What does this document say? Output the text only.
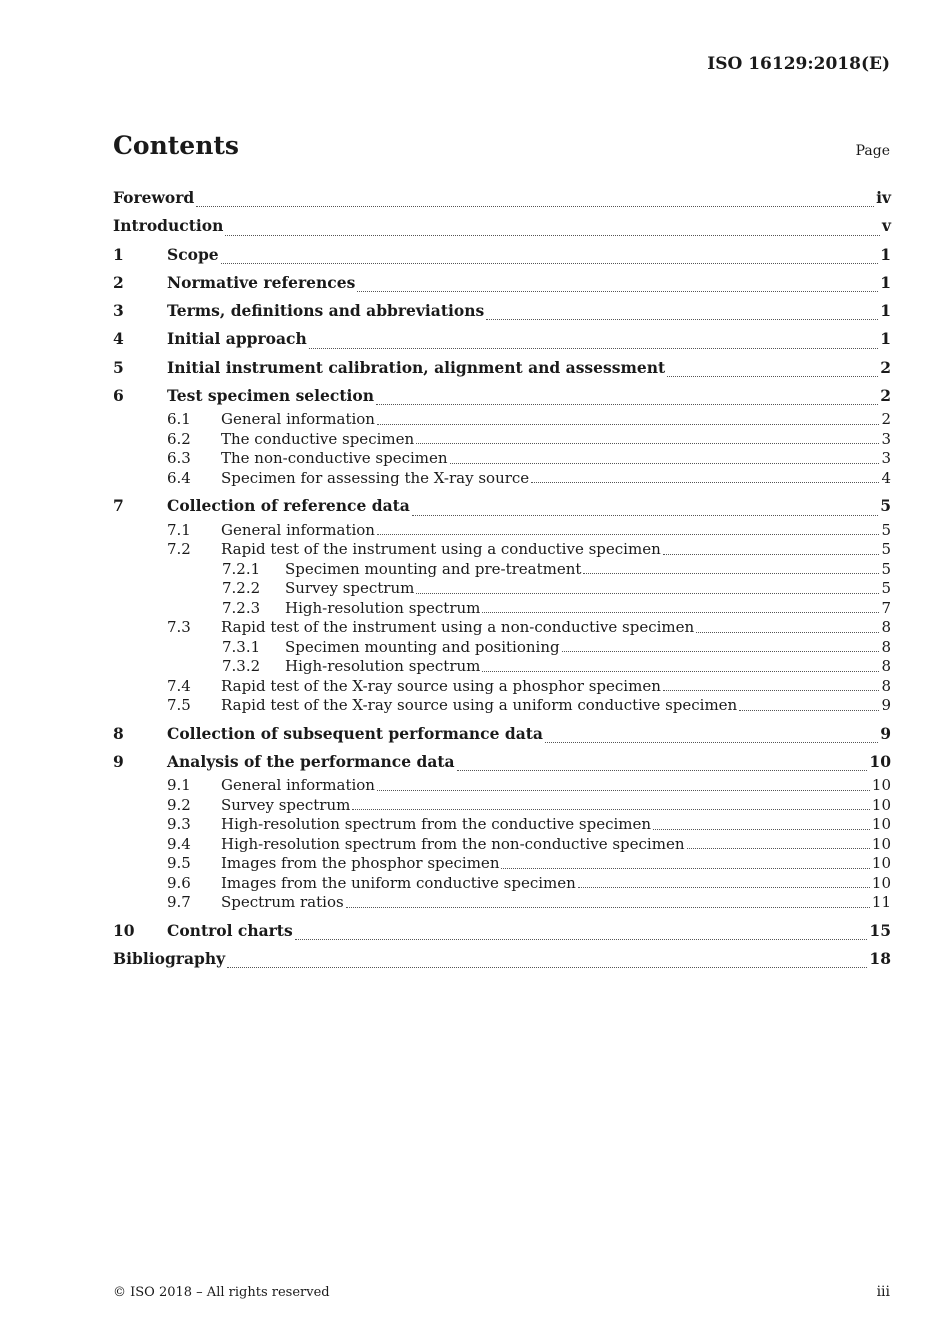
ISO 16129:2018(E)
Contents	Page
Foreword	iv
Introduction	v
1	Scope	1
2	Normative references	1
3	Terms, definitions and abbreviations	1
4	Initial approach	1
5	Initial instrument calibration, alignment and assessment	2
6	Test specimen selection	2
6.1	General information	2
6.2	The conductive specimen	3
6.3	The non-conductive specimen	3
6.4	Specimen for assessing the X-ray source	4
7	Collection of reference data	5
7.1	General information	5
7.2	Rapid test of the instrument using a conductive specimen	5
7.2.1	Specimen mounting and pre-treatment	5
7.2.2	Survey spectrum	5
7.2.3	High-resolution spectrum	7
7.3	Rapid test of the instrument using a non-conductive specimen	8
7.3.1	Specimen mounting and positioning	8
7.3.2	High-resolution spectrum	8
7.4	Rapid test of the X-ray source using a phosphor specimen	8
7.5	Rapid test of the X-ray source using a uniform conductive specimen	9
8	Collection of subsequent performance data	9
9	Analysis of the performance data	10
9.1	General information	10
9.2	Survey spectrum	10
9.3	High-resolution spectrum from the conductive specimen	10
9.4	High-resolution spectrum from the non-conductive specimen	10
9.5	Images from the phosphor specimen	10
9.6	Images from the uniform conductive specimen	10
9.7	Spectrum ratios	11
10	Control charts	15
Bibliography	18
© ISO 2018 – All rights reserved	iii
